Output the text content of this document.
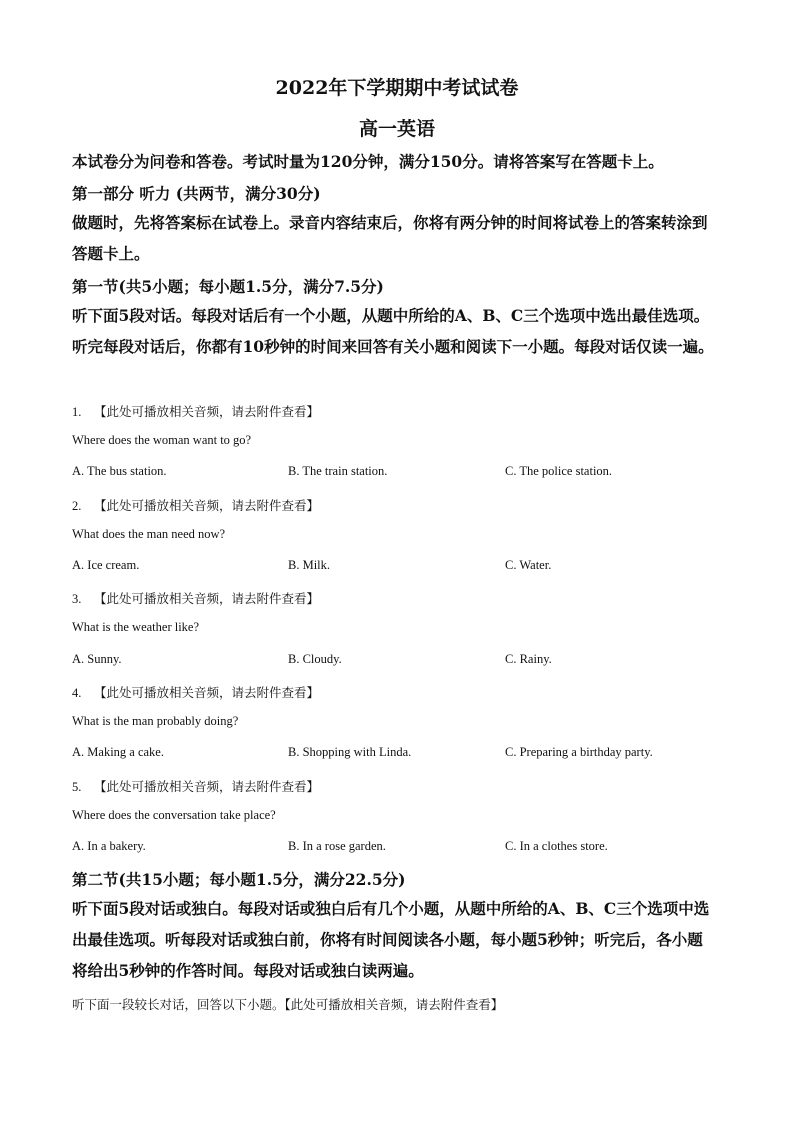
2022年下学期期中考试试卷
高一英语
本试卷分为问卷和答卷。考试时量为120分钟，满分150分。请将答案写在答题卡上。
第一部分 听力 (共两节，满分30分)
做题时，先将答案标在试卷上。录音内容结束后，你将有两分钟的时间将试卷上的答案转涂到答题卡上。
第一节(共5小题；每小题1.5分，满分7.5分)
听下面5段对话。每段对话后有一个小题，从题中所给的A、B、C三个选项中选出最佳选项。听完每段对话后，你都有10秒钟的时间来回答有关小题和阅读下一小题。每段对话仅读一遍。
1. 【此处可播放相关音频，请去附件查看】
Where does the woman want to go?
A. The bus station.	B. The train station.	C. The police station.
2. 【此处可播放相关音频，请去附件查看】
What does the man need now?
A. Ice cream.	B. Milk.	C. Water.
3. 【此处可播放相关音频，请去附件查看】
What is the weather like?
A. Sunny.	B. Cloudy.	C. Rainy.
4. 【此处可播放相关音频，请去附件查看】
What is the man probably doing?
A. Making a cake.	B. Shopping with Linda.	C. Preparing a birthday party.
5. 【此处可播放相关音频，请去附件查看】
Where does the conversation take place?
A. In a bakery.	B. In a rose garden.	C. In a clothes store.
第二节(共15小题；每小题1.5分，满分22.5分)
听下面5段对话或独白。每段对话或独白后有几个小题，从题中所给的A、B、C三个选项中选出最佳选项。听每段对话或独白前，你将有时间阅读各小题，每小题5秒钟；听完后，各小题将给出5秒钟的作答时间。每段对话或独白读两遍。
听下面一段较长对话，回答以下小题。【此处可播放相关音频，请去附件查看】
